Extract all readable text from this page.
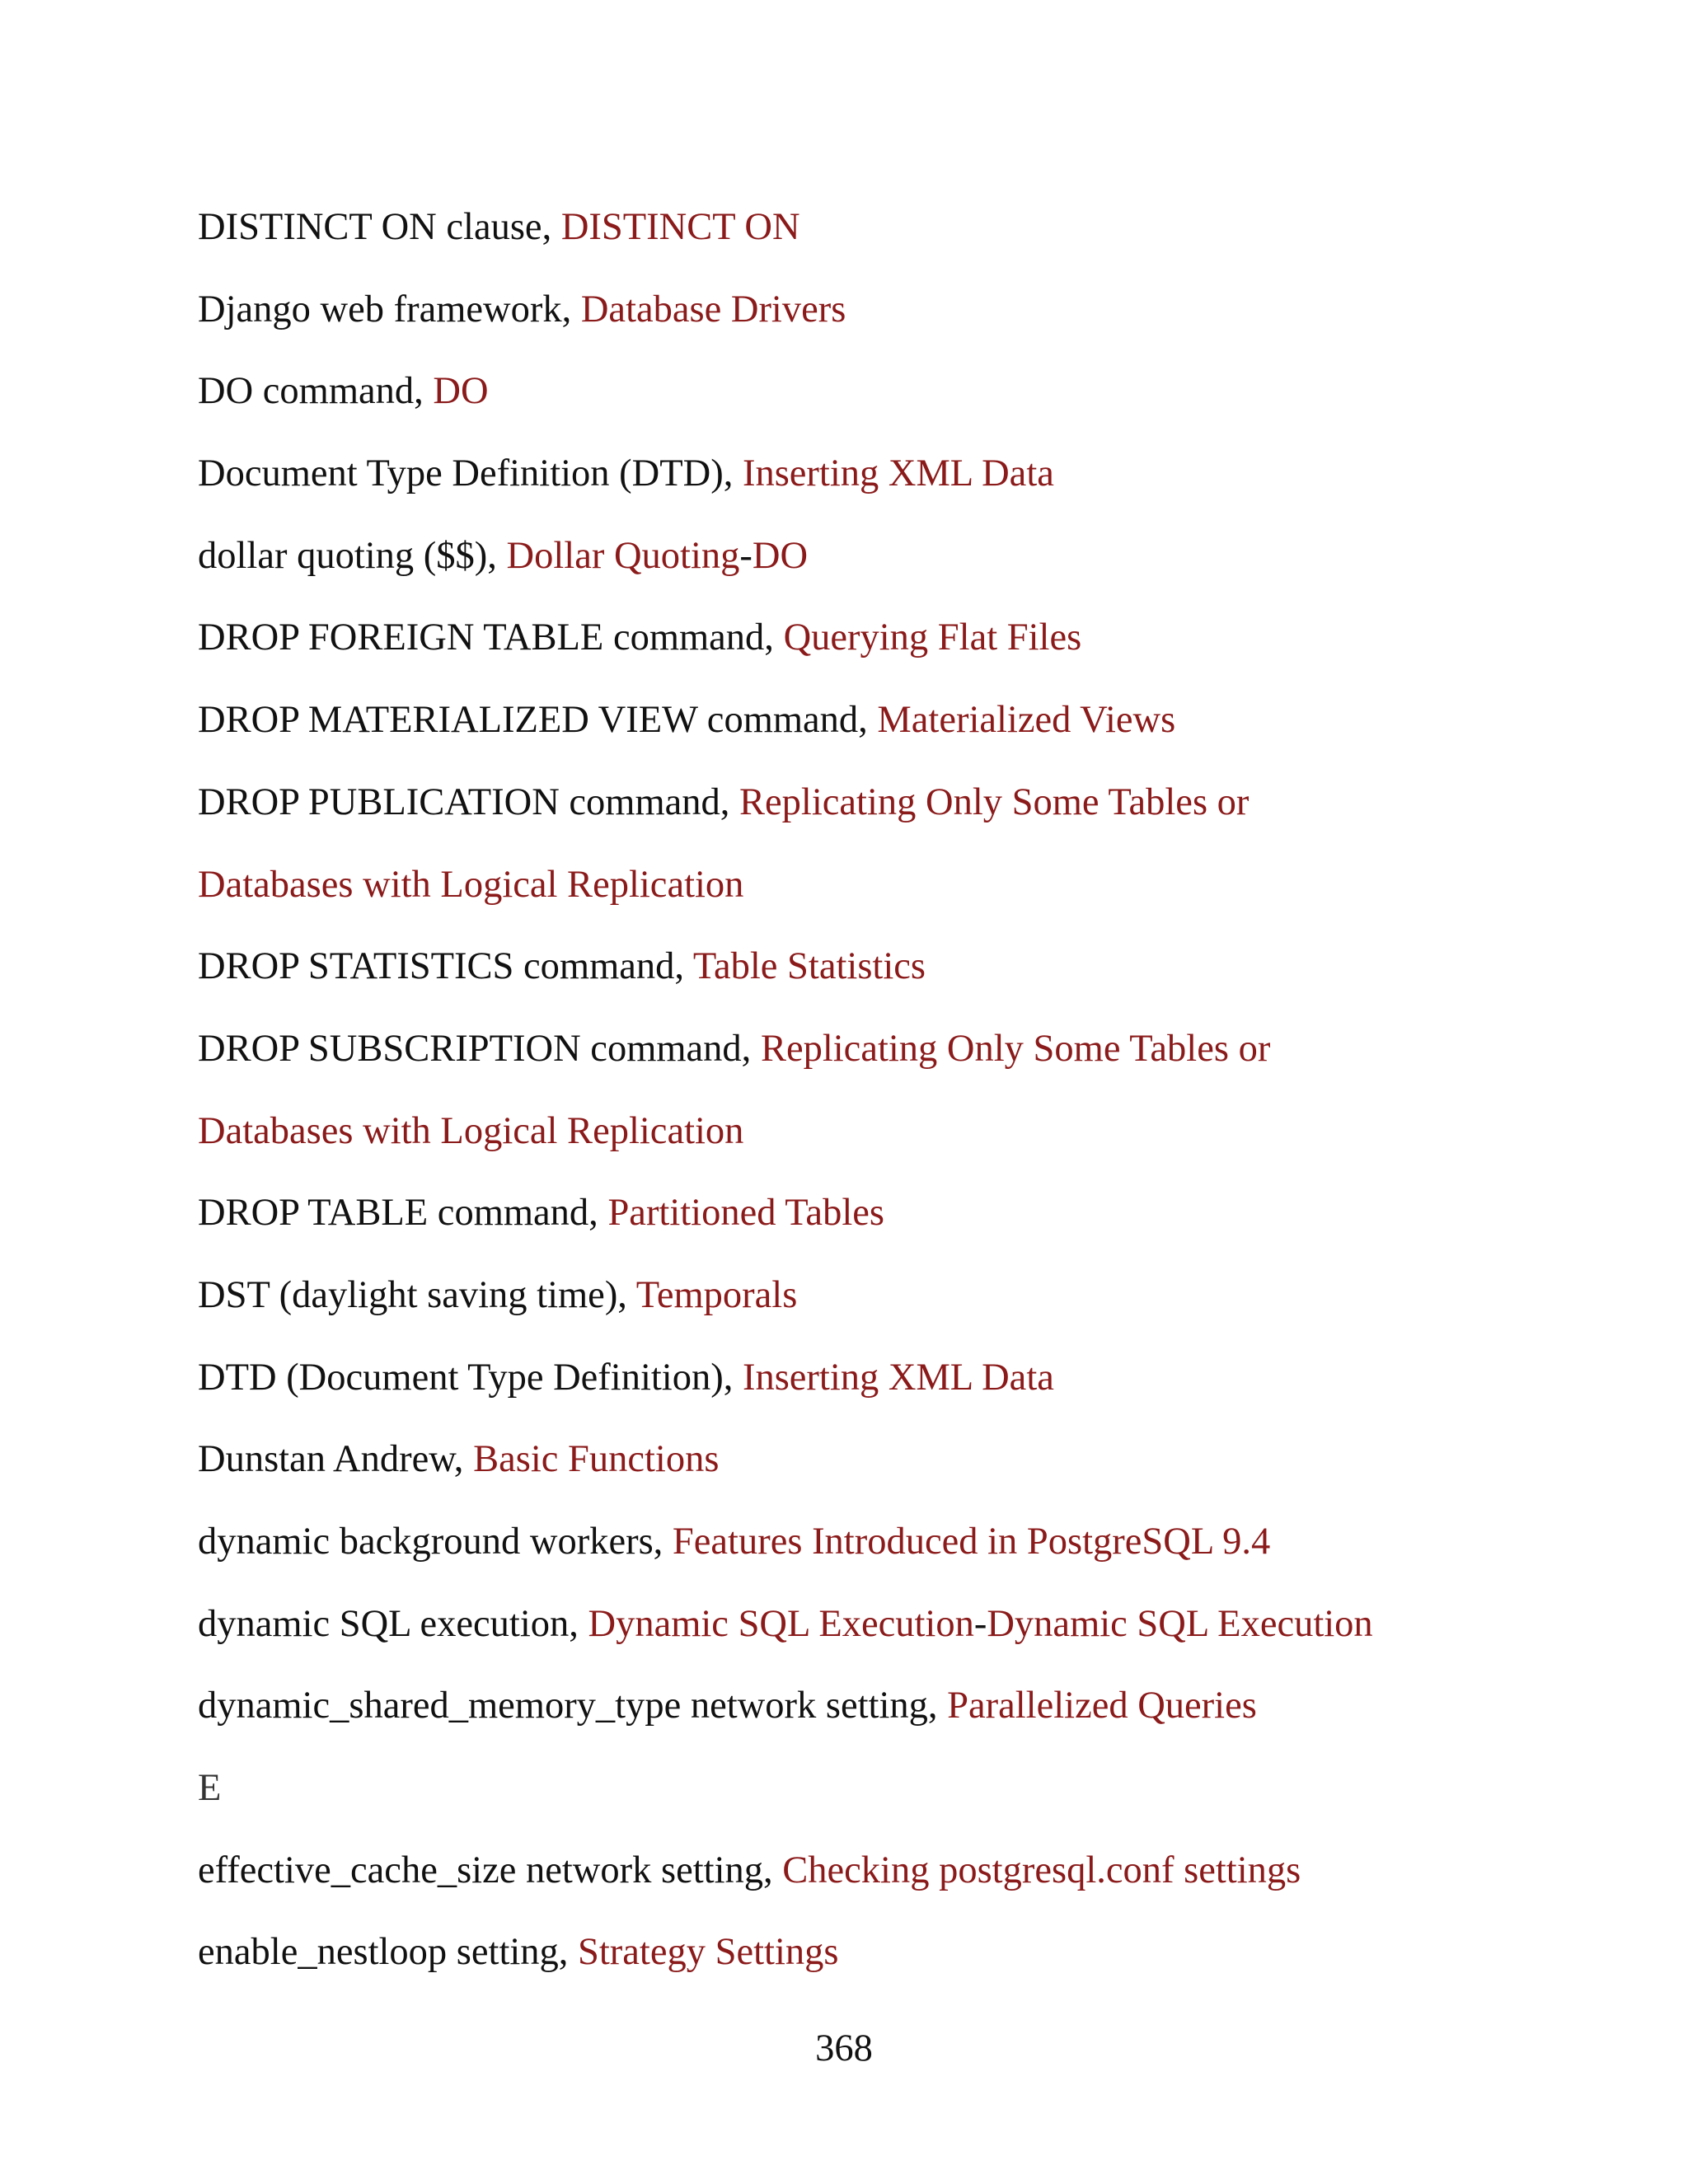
DISTINCT ON clause, DISTINCT ON
Django web framework, Database Drivers
DO command, DO
Document Type Definition (DTD), Inserting XML Data
dollar quoting ($$), Dollar Quoting-DO
DROP FOREIGN TABLE command, Querying Flat Files
DROP MATERIALIZED VIEW command, Materialized Views
DROP PUBLICATION command, Replicating Only Some Tables or
Databases with Logical Replication
DROP STATISTICS command, Table Statistics
DROP SUBSCRIPTION command, Replicating Only Some Tables or
Databases with Logical Replication
DROP TABLE command, Partitioned Tables
DST (daylight saving time), Temporals
DTD (Document Type Definition), Inserting XML Data
Dunstan Andrew, Basic Functions
dynamic background workers, Features Introduced in PostgreSQL 9.4
dynamic SQL execution, Dynamic SQL Execution-Dynamic SQL Execution
dynamic_shared_memory_type network setting, Parallelized Queries
E
effective_cache_size network setting, Checking postgresql.conf settings
enable_nestloop setting, Strategy Settings
368
